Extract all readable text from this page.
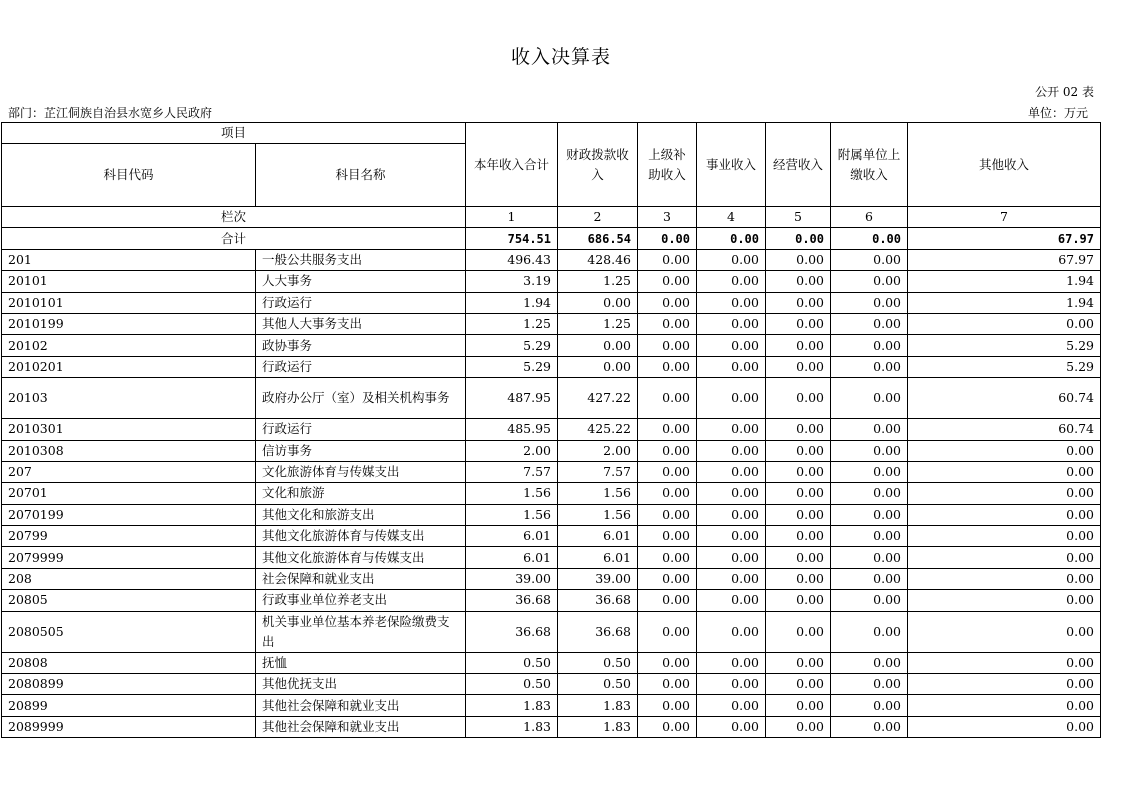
收入决算表
公开 02 表
部门：芷江侗族自治县水宽乡人民政府	单位：万元
项目		本年收入合计	财政拨款收入	上级补助收入	事业收入	经营收入	附属单位上缴收入	其他收入
科目代码	科目名称							
栏次		1	2	3	4	5	6	7
合计		754.51	686.54	0.00	0.00	0.00	0.00	67.97
201	一般公共服务支出	496.43	428.46	0.00	0.00	0.00	0.00	67.97
20101	人大事务	3.19	1.25	0.00	0.00	0.00	0.00	1.94
2010101	行政运行	1.94	0.00	0.00	0.00	0.00	0.00	1.94
2010199	其他人大事务支出	1.25	1.25	0.00	0.00	0.00	0.00	0.00
20102	政协事务	5.29	0.00	0.00	0.00	0.00	0.00	5.29
2010201	行政运行	5.29	0.00	0.00	0.00	0.00	0.00	5.29
20103	政府办公厅（室）及相关机构事务	487.95	427.22	0.00	0.00	0.00	0.00	60.74
2010301	行政运行	485.95	425.22	0.00	0.00	0.00	0.00	60.74
2010308	信访事务	2.00	2.00	0.00	0.00	0.00	0.00	0.00
207	文化旅游体育与传媒支出	7.57	7.57	0.00	0.00	0.00	0.00	0.00
20701	文化和旅游	1.56	1.56	0.00	0.00	0.00	0.00	0.00
2070199	其他文化和旅游支出	1.56	1.56	0.00	0.00	0.00	0.00	0.00
20799	其他文化旅游体育与传媒支出	6.01	6.01	0.00	0.00	0.00	0.00	0.00
2079999	其他文化旅游体育与传媒支出	6.01	6.01	0.00	0.00	0.00	0.00	0.00
208	社会保障和就业支出	39.00	39.00	0.00	0.00	0.00	0.00	0.00
20805	行政事业单位养老支出	36.68	36.68	0.00	0.00	0.00	0.00	0.00
2080505	机关事业单位基本养老保险缴费支出	36.68	36.68	0.00	0.00	0.00	0.00	0.00
20808	抚恤	0.50	0.50	0.00	0.00	0.00	0.00	0.00
2080899	其他优抚支出	0.50	0.50	0.00	0.00	0.00	0.00	0.00
20899	其他社会保障和就业支出	1.83	1.83	0.00	0.00	0.00	0.00	0.00
2089999	其他社会保障和就业支出	1.83	1.83	0.00	0.00	0.00	0.00	0.00
